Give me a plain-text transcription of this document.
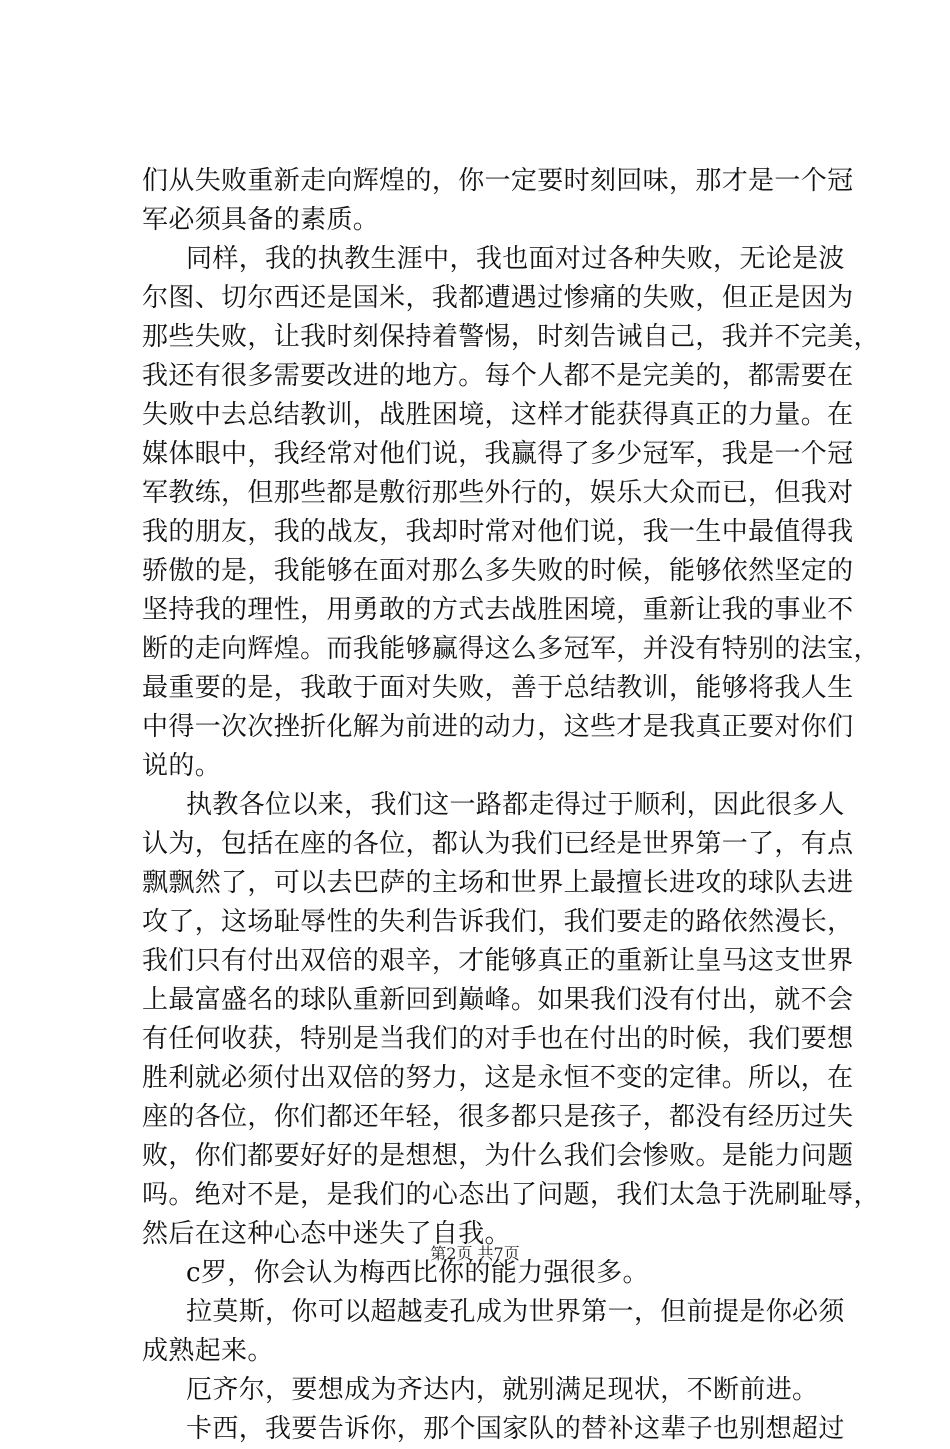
们从失败重新走向辉煌的，你一定要时刻回味，那才是一个冠
军必须具备的素质。
同样，我的执教生涯中，我也面对过各种失败，无论是波
尔图、切尔西还是国米，我都遭遇过惨痛的失败，但正是因为
那些失败，让我时刻保持着警惕，时刻告诫自己，我并不完美，
我还有很多需要改进的地方。每个人都不是完美的，都需要在
失败中去总结教训，战胜困境，这样才能获得真正的力量。在
媒体眼中，我经常对他们说，我赢得了多少冠军，我是一个冠
军教练，但那些都是敷衍那些外行的，娱乐大众而已，但我对
我的朋友，我的战友，我却时常对他们说，我一生中最值得我
骄傲的是，我能够在面对那么多失败的时候，能够依然坚定的
坚持我的理性，用勇敢的方式去战胜困境，重新让我的事业不
断的走向辉煌。而我能够赢得这么多冠军，并没有特别的法宝，
最重要的是，我敢于面对失败，善于总结教训，能够将我人生
中得一次次挫折化解为前进的动力，这些才是我真正要对你们
说的。
执教各位以来，我们这一路都走得过于顺利，因此很多人
认为，包括在座的各位，都认为我们已经是世界第一了，有点
飘飘然了，可以去巴萨的主场和世界上最擅长进攻的球队去进
攻了，这场耻辱性的失利告诉我们，我们要走的路依然漫长，
我们只有付出双倍的艰辛，才能够真正的重新让皇马这支世界
上最富盛名的球队重新回到巅峰。如果我们没有付出，就不会
有任何收获，特别是当我们的对手也在付出的时候，我们要想
胜利就必须付出双倍的努力，这是永恒不变的定律。所以，在
座的各位，你们都还年轻，很多都只是孩子，都没有经历过失
败，你们都要好好的是想想，为什么我们会惨败。是能力问题
吗。绝对不是，是我们的心态出了问题，我们太急于洗刷耻辱，
然后在这种心态中迷失了自我。
c罗，你会认为梅西比你的能力强很多。
拉莫斯，你可以超越麦孔成为世界第一，但前提是你必须
成熟起来。
厄齐尔，要想成为齐达内，就别满足现状，不断前进。
卡西，我要告诉你，那个国家队的替补这辈子也别想超过
第2页 共7页
